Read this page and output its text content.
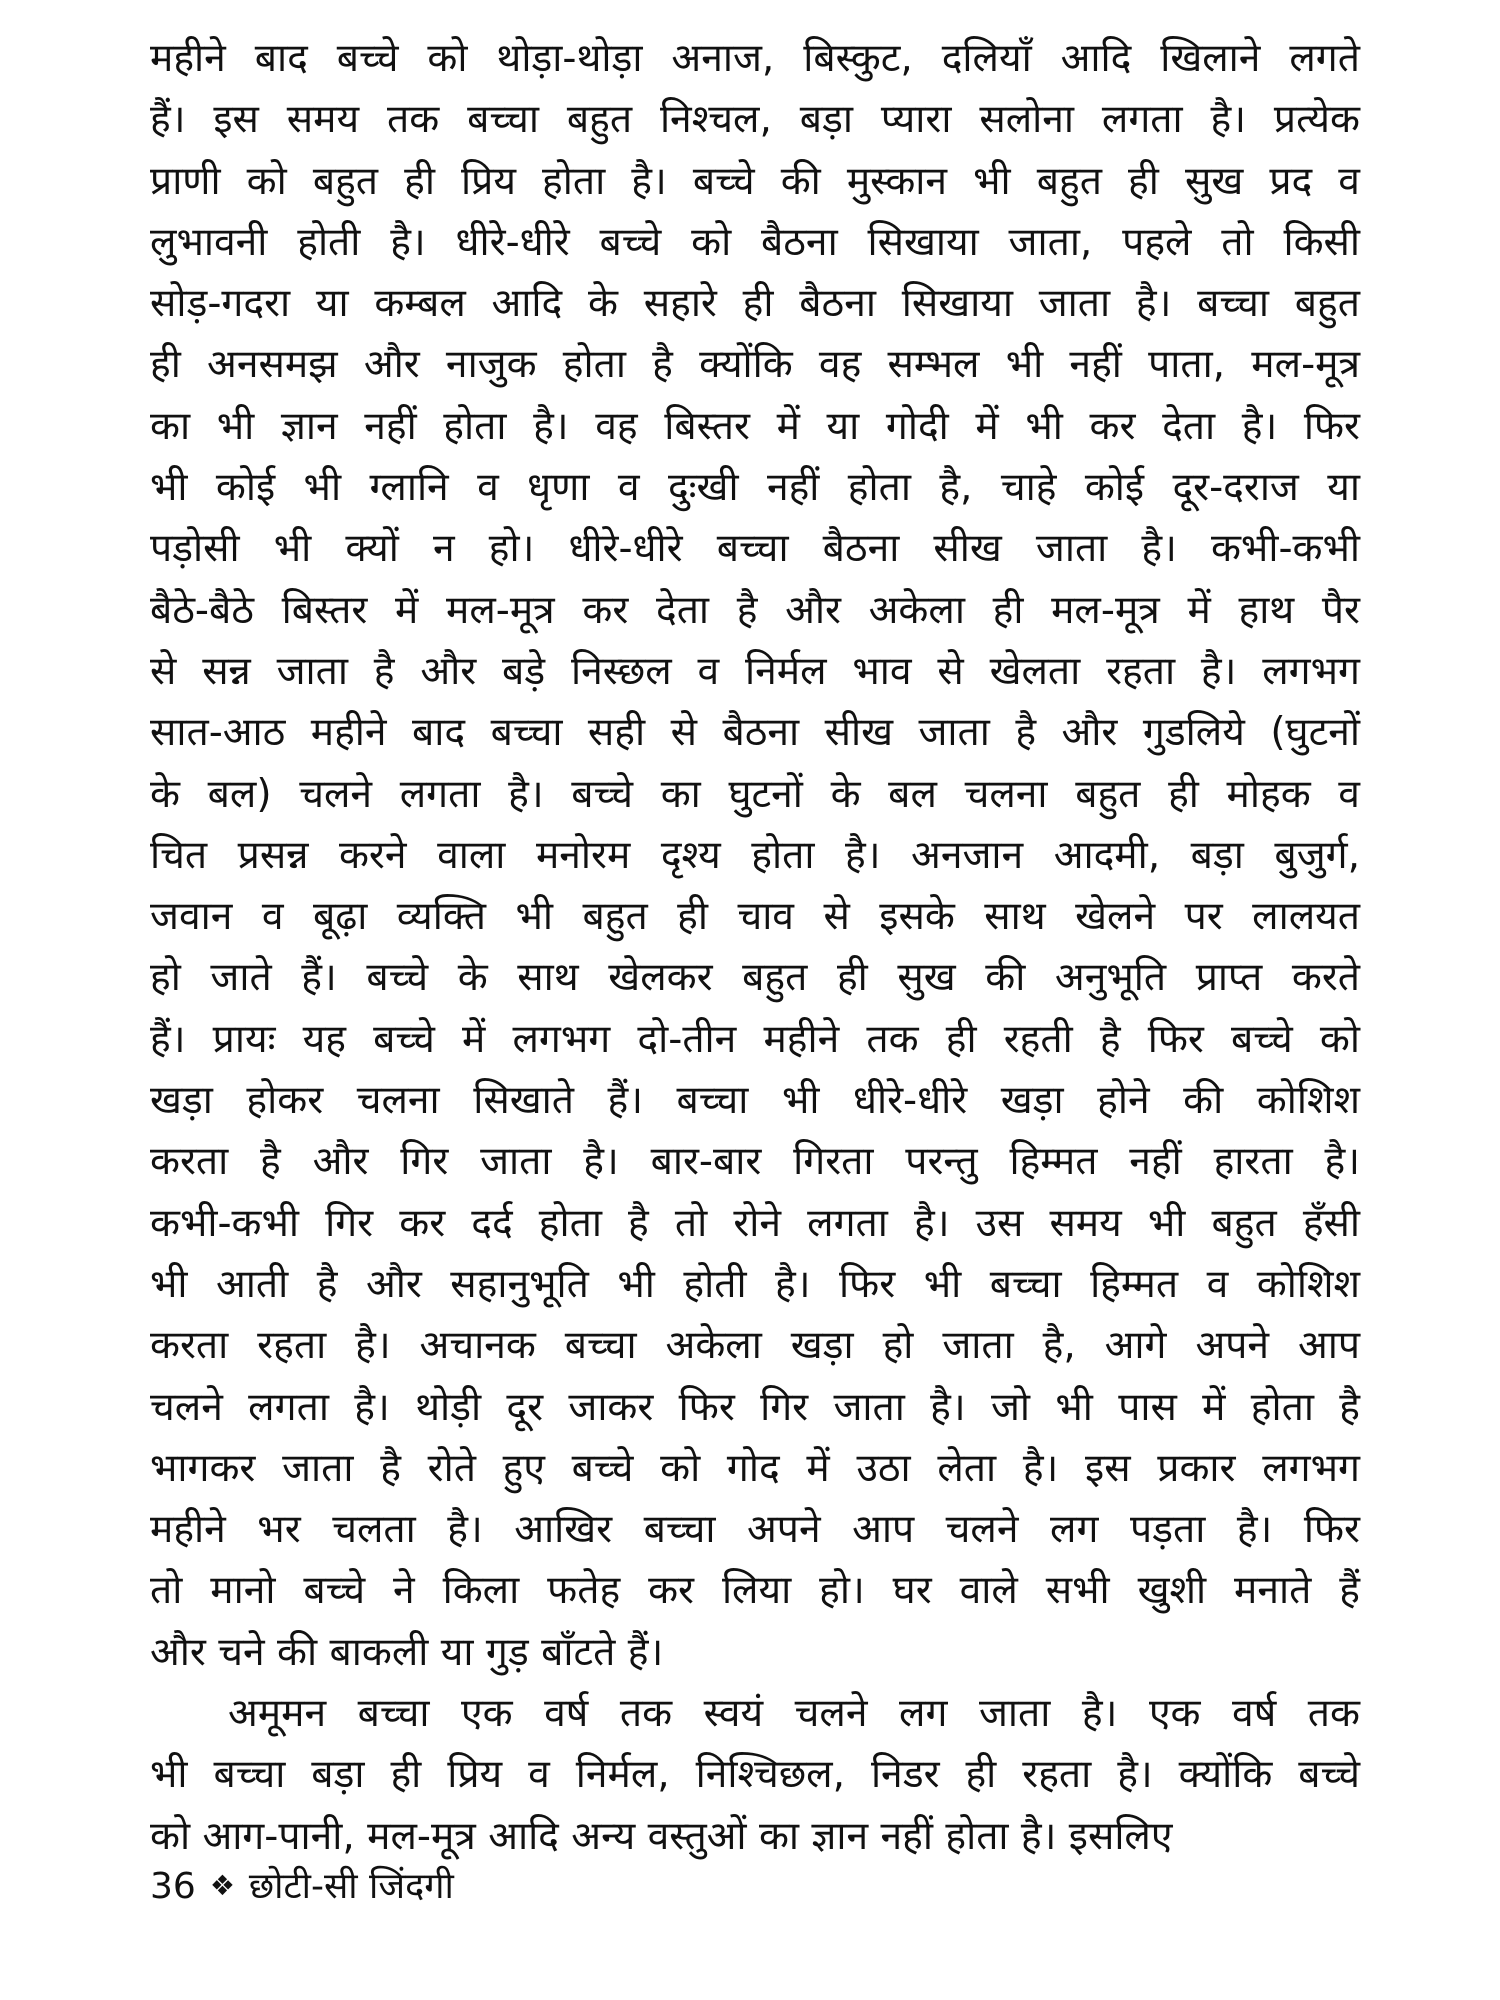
महीने बाद बच्चे को थोड़ा-थोड़ा अनाज, बिस्कुट, दलियाँ आदि खिलाने लगते
हैं। इस समय तक बच्चा बहुत निश्चल, बड़ा प्यारा सलोना लगता है। प्रत्येक
प्राणी को बहुत ही प्रिय होता है। बच्चे की मुस्कान भी बहुत ही सुख प्रद व
लुभावनी होती है। धीरे-धीरे बच्चे को बैठना सिखाया जाता, पहले तो किसी
सोड़-गदरा या कम्बल आदि के सहारे ही बैठना सिखाया जाता है। बच्चा बहुत
ही अनसमझ और नाजुक होता है क्योंकि वह सम्भल भी नहीं पाता, मल-मूत्र
का भी ज्ञान नहीं होता है। वह बिस्तर में या गोदी में भी कर देता है। फिर
भी कोई भी ग्लानि व धृणा व दुःखी नहीं होता है, चाहे कोई दूर-दराज या
पड़ोसी भी क्यों न हो। धीरे-धीरे बच्चा बैठना सीख जाता है। कभी-कभी
बैठे-बैठे बिस्तर में मल-मूत्र कर देता है और अकेला ही मल-मूत्र में हाथ पैर
से सन्न जाता है और बड़े निस्छल व निर्मल भाव से खेलता रहता है। लगभग
सात-आठ महीने बाद बच्चा सही से बैठना सीख जाता है और गुडलिये (घुटनों
के बल) चलने लगता है। बच्चे का घुटनों के बल चलना बहुत ही मोहक व
चित प्रसन्न करने वाला मनोरम दृश्य होता है। अनजान आदमी, बड़ा बुजुर्ग,
जवान व बूढ़ा व्यक्ति भी बहुत ही चाव से इसके साथ खेलने पर लालयत
हो जाते हैं। बच्चे के साथ खेलकर बहुत ही सुख की अनुभूति प्राप्त करते
हैं। प्रायः यह बच्चे में लगभग दो-तीन महीने तक ही रहती है फिर बच्चे को
खड़ा होकर चलना सिखाते हैं। बच्चा भी धीरे-धीरे खड़ा होने की कोशिश
करता है और गिर जाता है। बार-बार गिरता परन्तु हिम्मत नहीं हारता है।
कभी-कभी गिर कर दर्द होता है तो रोने लगता है। उस समय भी बहुत हँसी
भी आती है और सहानुभूति भी होती है। फिर भी बच्चा हिम्मत व कोशिश
करता रहता है। अचानक बच्चा अकेला खड़ा हो जाता है, आगे अपने आप
चलने लगता है। थोड़ी दूर जाकर फिर गिर जाता है। जो भी पास में होता है
भागकर जाता है रोते हुए बच्चे को गोद में उठा लेता है। इस प्रकार लगभग
महीने भर चलता है। आखिर बच्चा अपने आप चलने लग पड़ता है। फिर
तो मानो बच्चे ने किला फतेह कर लिया हो। घर वाले सभी खुशी मनाते हैं
और चने की बाकली या गुड़ बाँटते हैं।
अमूमन बच्चा एक वर्ष तक स्वयं चलने लग जाता है। एक वर्ष तक
भी बच्चा बड़ा ही प्रिय व निर्मल, निश्चिछल, निडर ही रहता है। क्योंकि बच्चे
को आग-पानी, मल-मूत्र आदि अन्य वस्तुओं का ज्ञान नहीं होता है। इसलिए
36 ❖ छोटी-सी जिंदगी
